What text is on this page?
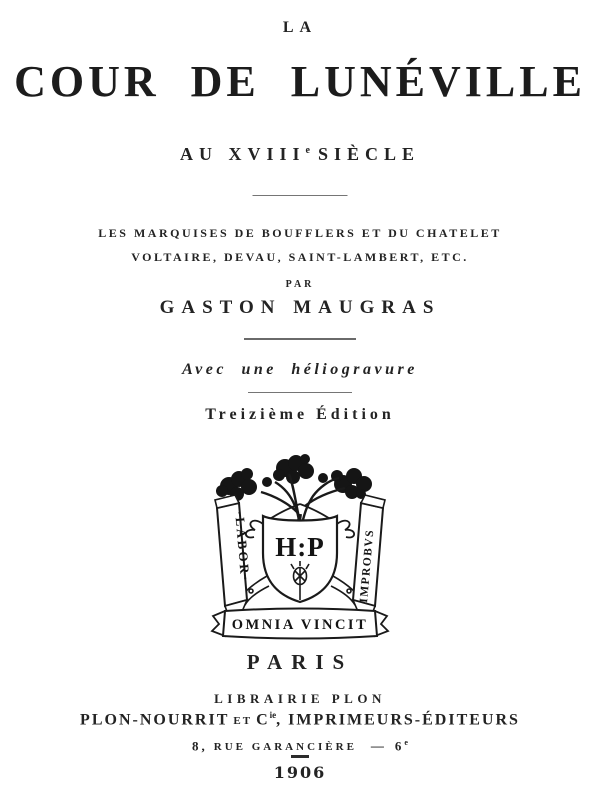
LA
COUR DE LUNÉVILLE
AU XVIIIe SIÈCLE
LES MARQUISES DE BOUFFLERS ET DU CHATELET
VOLTAIRE, DEVAU, SAINT-LAMBERT, ETC.
PAR
GASTON MAUGRAS
Avec une héliogravure
Treizième Édition
H:P
·LABOR·	IMPROBVS
OMNIA VINCIT
PARIS
LIBRAIRIE PLON
PLON-NOURRIT ET $C^{ie}$, IMPRIMEURS-ÉDITEURS
8, RUE GARANCIÈRE — 6e
1906
